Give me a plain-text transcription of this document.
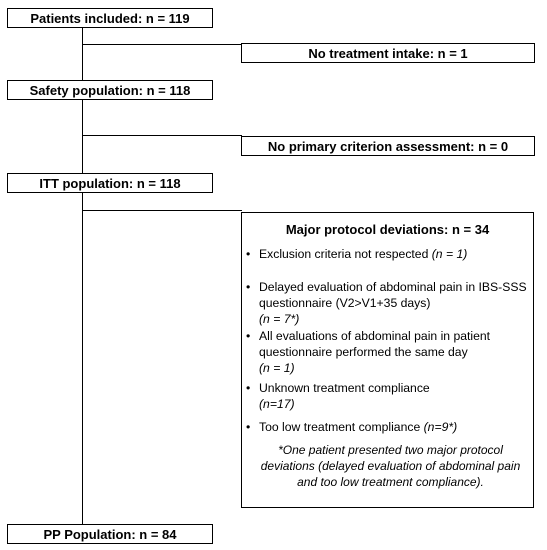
Patients included: n = 119
No treatment intake: n = 1
Safety population: n = 118
No primary criterion assessment: n = 0
ITT population: n = 118
PP Population: n = 84
Major protocol deviations: n = 34
• Exclusion criteria not respected (n = 1)
• Delayed evaluation of abdominal pain in IBS-SSS questionnaire (V2>V1+35 days)
(n = 7*)
• All evaluations of abdominal pain in patient questionnaire performed the same day
(n = 1)
• Unknown treatment compliance
(n=17)
• Too low treatment compliance (n=9*)
*One patient presented two major protocol deviations (delayed evaluation of abdominal pain and too low treatment compliance).
